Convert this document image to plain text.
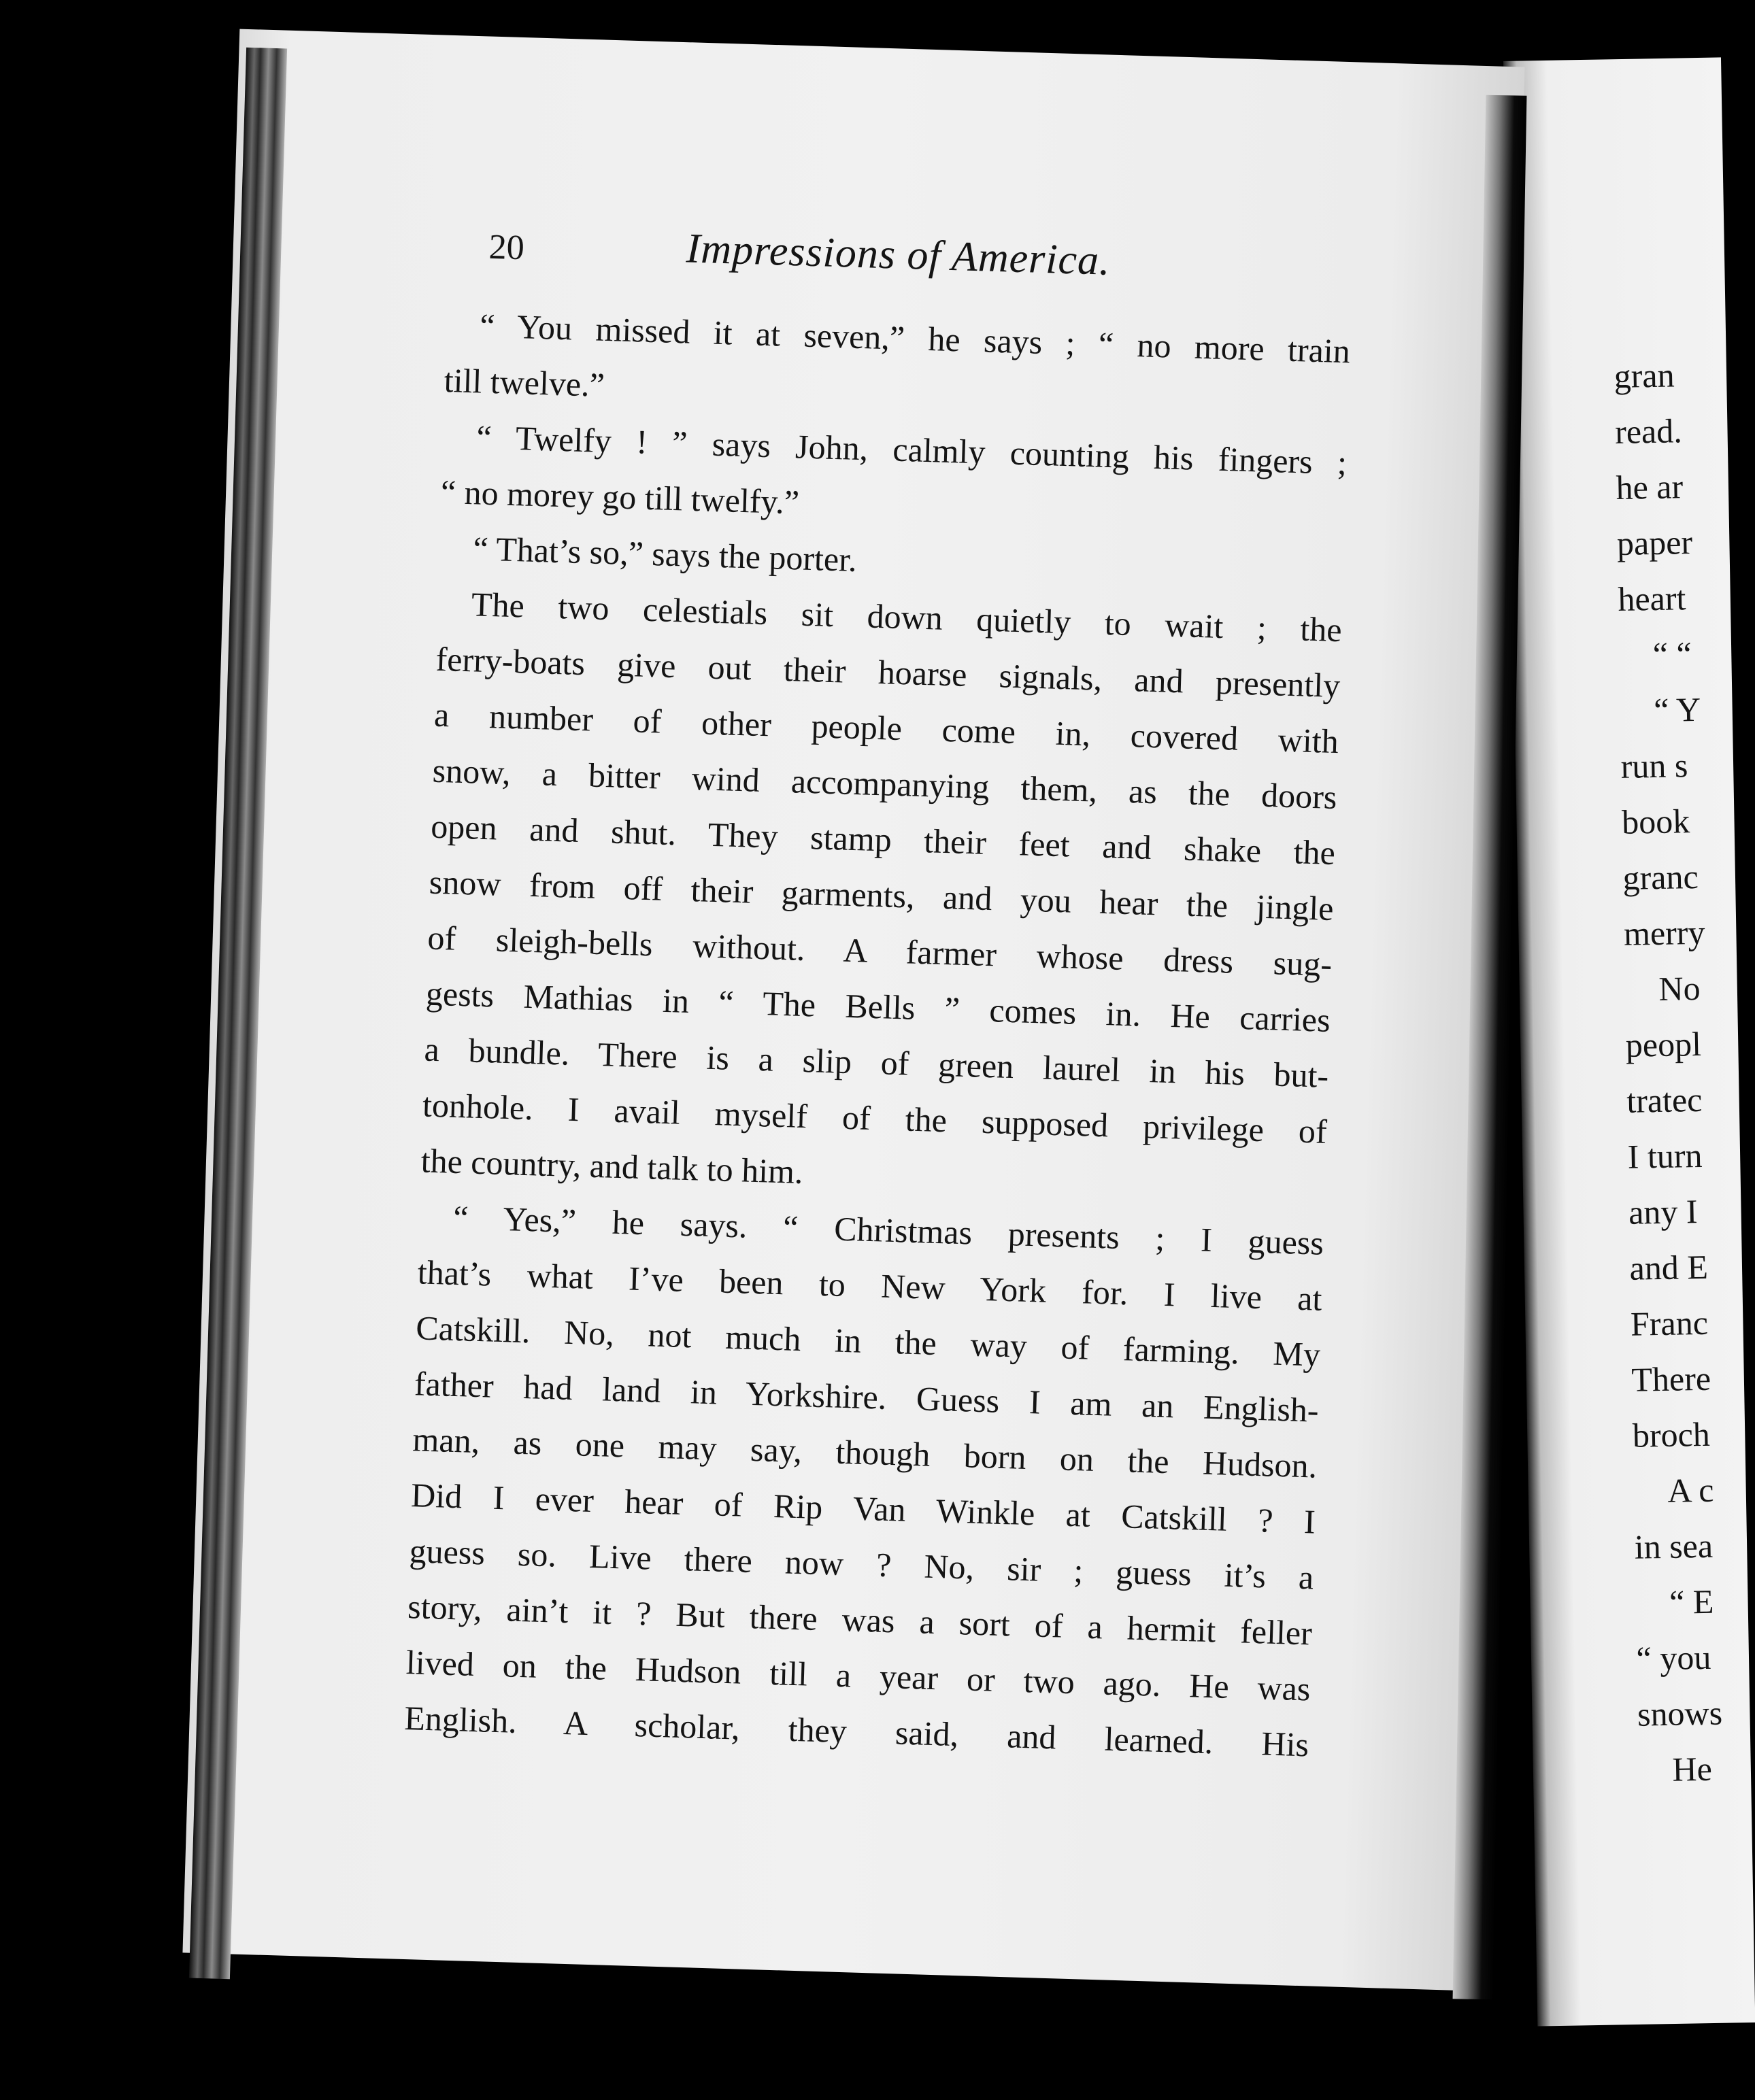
20	Impressions of America.
“ You missed it at seven,” he says ; “ no more train
till twelve.”
“ Twelfy ! ” says John, calmly counting his fingers ;
“ no morey go till twelfy.”
“ That’s so,” says the porter.
The two celestials sit down quietly to wait ; the
ferry-boats give out their hoarse signals, and presently
a number of other people come in, covered with
snow, a bitter wind accompanying them, as the doors
open and shut. They stamp their feet and shake the
snow from off their garments, and you hear the jingle
of sleigh-bells without. A farmer whose dress sug-
gests Mathias in “ The Bells ” comes in. He carries
a bundle. There is a slip of green laurel in his but-
tonhole. I avail myself of the supposed privilege of
the country, and talk to him.
“ Yes,” he says. “ Christmas presents ; I guess
that’s what I’ve been to New York for. I live at
Catskill. No, not much in the way of farming. My
father had land in Yorkshire. Guess I am an English-
man, as one may say, though born on the Hudson.
Did I ever hear of Rip Van Winkle at Catskill ? I
guess so. Live there now ? No, sir ; guess it’s a
story, ain’t it ? But there was a sort of a hermit feller
lived on the Hudson till a year or two ago. He was
English. A scholar, they said, and learned. His
gran
read.
he ar
paper
heart
“ “
“ Y
run s
book
granc
merry
No
peopl
tratec
I turn
any I
and E
Franc
There
broch
A c
in sea
“ E
“ you
snows
He
